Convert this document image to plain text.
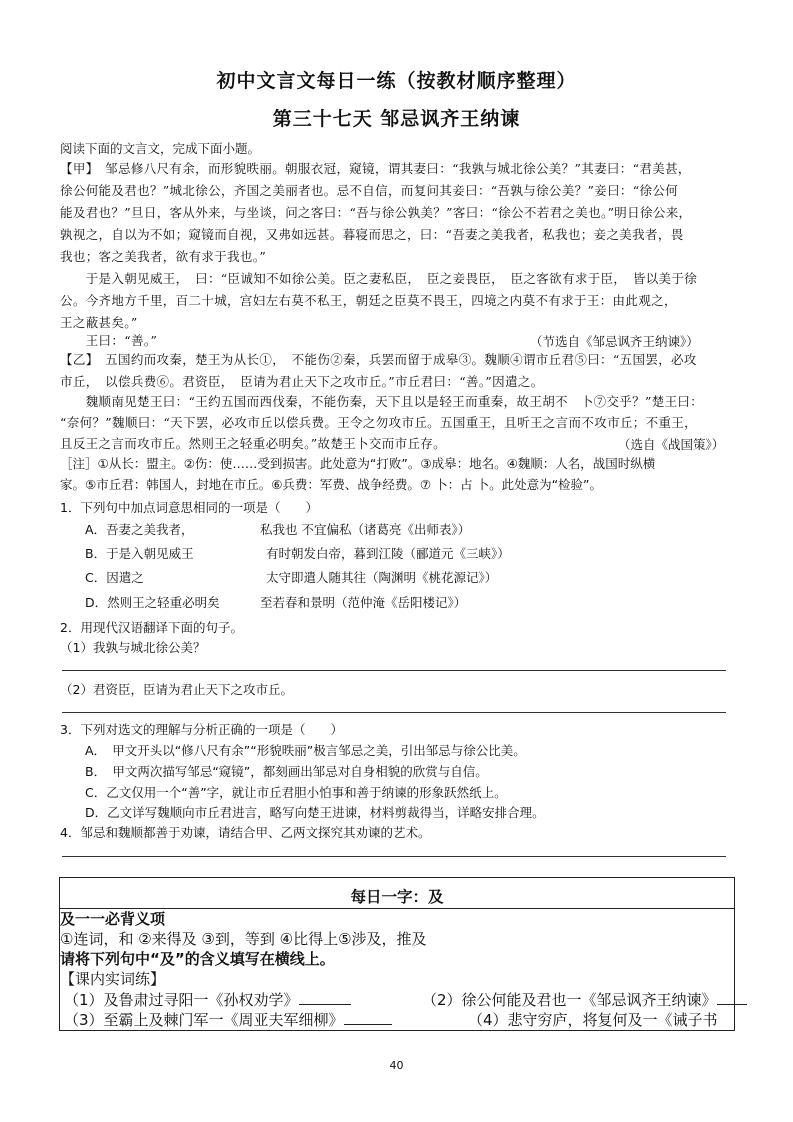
初中文言文每日一练（按教材顺序整理）
第三十七天 邹忌讽齐王纳谏
阅读下面的文言文，完成下面小题。
【甲】　邹忌修八尺有余，而形貌昳丽。朝服衣冠，窥镜，谓其妻曰：“我孰与城北徐公美？”其妻曰：“君美甚，
徐公何能及君也？”城北徐公，齐国之美丽者也。忌不自信，而复问其妾曰：“吾孰与徐公美？”妾曰：“徐公何
能及君也？”旦日，客从外来，与坐谈，问之客曰：“吾与徐公孰美？”客曰：“徐公不若君之美也。”明日徐公来，
孰视之，自以为不如；窥镜而自视，又弗如远甚。暮寝而思之，曰：“吾妻之美我者，私我也；妾之美我者，畏
我也；客之美我者，欲有求于我也。”
　　于是入朝见威王，　曰：“臣诚知不如徐公美。臣之妻私臣，　臣之妾畏臣，　臣之客欲有求于臣，　皆以美于徐
公。今齐地方千里，百二十城，宫妇左右莫不私王，朝廷之臣莫不畏王，四境之内莫不有求于王：由此观之，
王之蔽甚矣。”
　　王曰：“善。”	（节选自《邹忌讽齐王纳谏》）
【乙】　五国约而攻秦，楚王为从长①，　不能伤②秦，兵罢而留于成皋③。魏顺④谓市丘君⑤曰：“五国罢，必攻
市丘，　以偿兵费⑥。君资臣，　臣请为君止天下之攻市丘。”市丘君曰：“善。”因遣之。
　　魏顺南见楚王曰：“王约五国而西伐秦，不能伤秦，天下且以是轻王而重秦，故王胡不　卜⑦交乎？”楚王曰：
“奈何？”魏顺曰：“天下罢，必攻市丘以偿兵费。王令之勿攻市丘。五国重王，且听王之言而不攻市丘；不重王，
且反王之言而攻市丘。然则王之轻重必明矣。”故楚王卜交而市丘存。	（选自《战国策》）
［注］①从长：盟主。②伤：使……受到损害。此处意为“打败”。③成皋：地名。④魏顺：人名，战国时纵横
家。⑤市丘君：韩国人，封地在市丘。⑥兵费：军费、战争经费。⑦ 卜：占 卜。此处意为“检验”。
1．下列句中加点词意思相同的一项是（　　）
A．吾妻之美我者，	私我也 不宜偏私（诸葛亮《出师表》）
B．于是入朝见威王	有时朝发白帝，暮到江陵（郦道元《三峡》）
C．因遣之	太守即遣人随其往（陶渊明《桃花源记》）
D．然则王之轻重必明矣	至若春和景明（范仲淹《岳阳楼记》）
2．用现代汉语翻译下面的句子。
（1）我孰与城北徐公美？
（2）君资臣，臣请为君止天下之攻市丘。
3．下列对选文的理解与分析正确的一项是（　　）
A．　甲文开头以“修八尺有余”“形貌昳丽”极言邹忌之美，引出邹忌与徐公比美。
B．　甲文两次描写邹忌“窥镜”，都刻画出邹忌对自身相貌的欣赏与自信。
C．乙文仅用一个“善”字，就让市丘君胆小怕事和善于纳谏的形象跃然纸上。
D．乙文详写魏顺向市丘君进言，略写向楚王进谏，材料剪裁得当，详略安排合理。
4．邹忌和魏顺都善于劝谏，请结合甲、乙两文探究其劝谏的艺术。
每日一字：及
及一一必背义项
①连词，和 ②来得及 ③到，等到 ④比得上⑤涉及，推及
请将下列句中“及”的含义填写在横线上。
【课内实词练】
（1）及鲁肃过寻阳一《孙权劝学》	（2）徐公何能及君也一《邹忌讽齐王纳谏》
（3）至霸上及棘门军一《周亚夫军细柳》	（4）悲守穷庐，将复何及一《诫子书
40
